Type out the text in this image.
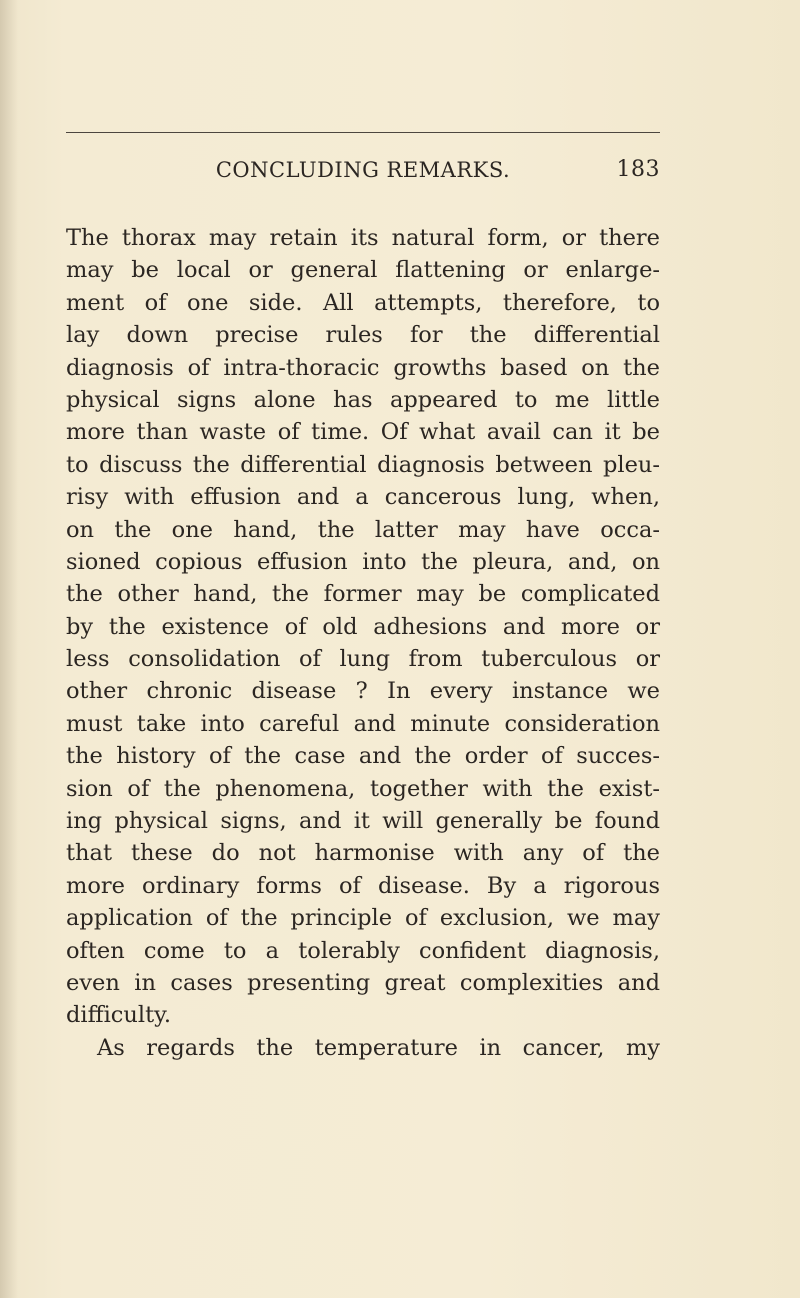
CONCLUDING REMARKS.	183
The thorax may retain its natural form, or there
may be local or general flattening or enlarge-
ment of one side. All attempts, therefore, to
lay down precise rules for the differential
diagnosis of intra-thoracic growths based on the
physical signs alone has appeared to me little
more than waste of time. Of what avail can it be
to discuss the differential diagnosis between pleu-
risy with effusion and a cancerous lung, when,
on the one hand, the latter may have occa-
sioned copious effusion into the pleura, and, on
the other hand, the former may be complicated
by the existence of old adhesions and more or
less consolidation of lung from tuberculous or
other chronic disease ? In every instance we
must take into careful and minute consideration
the history of the case and the order of succes-
sion of the phenomena, together with the exist-
ing physical signs, and it will generally be found
that these do not harmonise with any of the
more ordinary forms of disease. By a rigorous
application of the principle of exclusion, we may
often come to a tolerably confident diagnosis,
even in cases presenting great complexities and
difficulty.
As regards the temperature in cancer, my
